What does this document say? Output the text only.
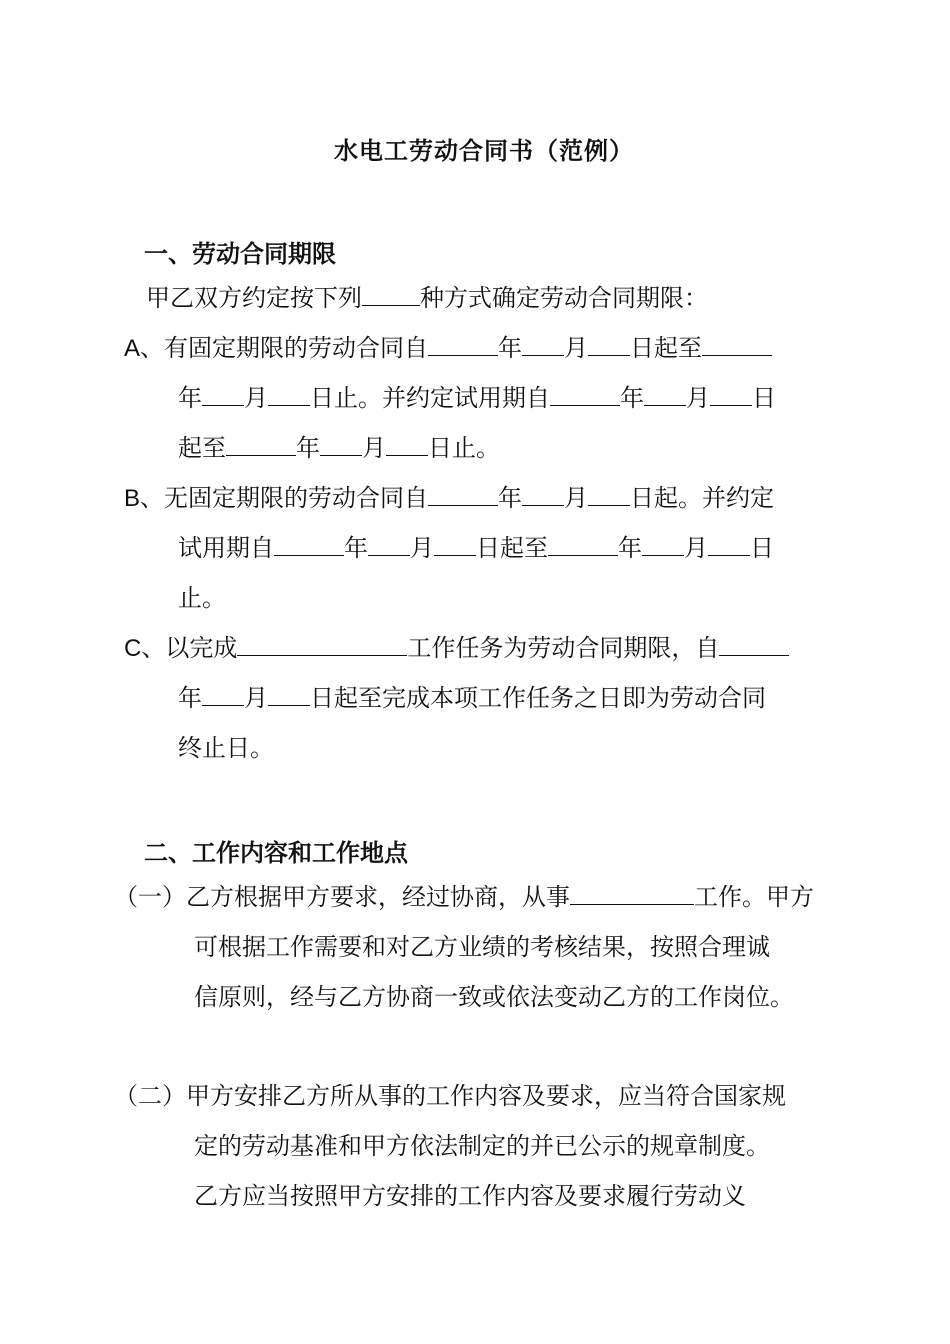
水电工劳动合同书（范例）
一、劳动合同期限
甲乙双方约定按下列 种方式确定劳动合同期限：
A、有固定期限的劳动合同自	年 月 日起至
年 月 日止。并约定试用期自	年 月 日
起至	年 月 日止。
B、无固定期限的劳动合同自	年 月 日起。并约定
试用期自	年 月 日起至	年 月 日
止。
C、以完成	工作任务为劳动合同期限，自
年 月 日起至完成本项工作任务之日即为劳动合同
终止日。
二、工作内容和工作地点
（一）乙方根据甲方要求，经过协商，从事	工作。甲方
可根据工作需要和对乙方业绩的考核结果，按照合理诚
信原则，经与乙方协商一致或依法变动乙方的工作岗位。
（二）甲方安排乙方所从事的工作内容及要求，应当符合国家规
定的劳动基准和甲方依法制定的并已公示的规章制度。
乙方应当按照甲方安排的工作内容及要求履行劳动义
